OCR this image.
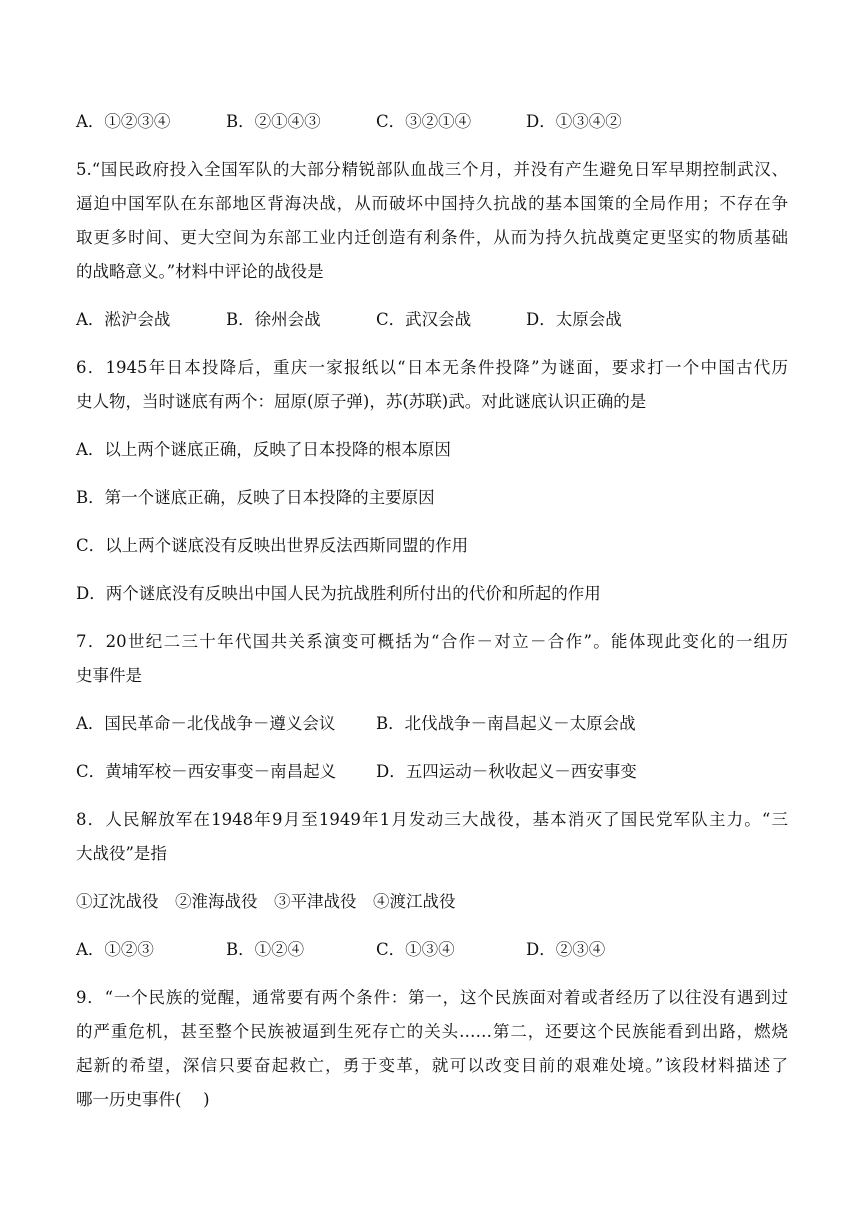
A．①②③④	B．②①④③	C．③②①④	D．①③④②
5.“国民政府投入全国军队的大部分精锐部队血战三个月，并没有产生避免日军早期控制武汉、
逼迫中国军队在东部地区背海决战，从而破坏中国持久抗战的基本国策的全局作用；不存在争
取更多时间、更大空间为东部工业内迁创造有利条件，从而为持久抗战奠定更坚实的物质基础
的战略意义。”材料中评论的战役是
A．淞沪会战	B．徐州会战	C．武汉会战	D．太原会战
6．1945年日本投降后，重庆一家报纸以“日本无条件投降”为谜面，要求打一个中国古代历
史人物，当时谜底有两个：屈原(原子弹)，苏(苏联)武。对此谜底认识正确的是
A．以上两个谜底正确，反映了日本投降的根本原因
B．第一个谜底正确，反映了日本投降的主要原因
C．以上两个谜底没有反映出世界反法西斯同盟的作用
D．两个谜底没有反映出中国人民为抗战胜利所付出的代价和所起的作用
7．20世纪二三十年代国共关系演变可概括为“合作－对立－合作”。能体现此变化的一组历
史事件是
A．国民革命－北伐战争－遵义会议 B．北伐战争－南昌起义－太原会战
C．黄埔军校－西安事变－南昌起义 D．五四运动－秋收起义－西安事变
8．人民解放军在1948年9月至1949年1月发动三大战役，基本消灭了国民党军队主力。“三
大战役”是指
①辽沈战役　②淮海战役　③平津战役　④渡江战役
A．①②③	B．①②④	C．①③④	D．②③④
9．“一个民族的觉醒，通常要有两个条件：第一，这个民族面对着或者经历了以往没有遇到过
的严重危机，甚至整个民族被逼到生死存亡的关头……第二，还要这个民族能看到出路，燃烧
起新的希望，深信只要奋起救亡，勇于变革，就可以改变目前的艰难处境。”该段材料描述了
哪一历史事件(　 )
